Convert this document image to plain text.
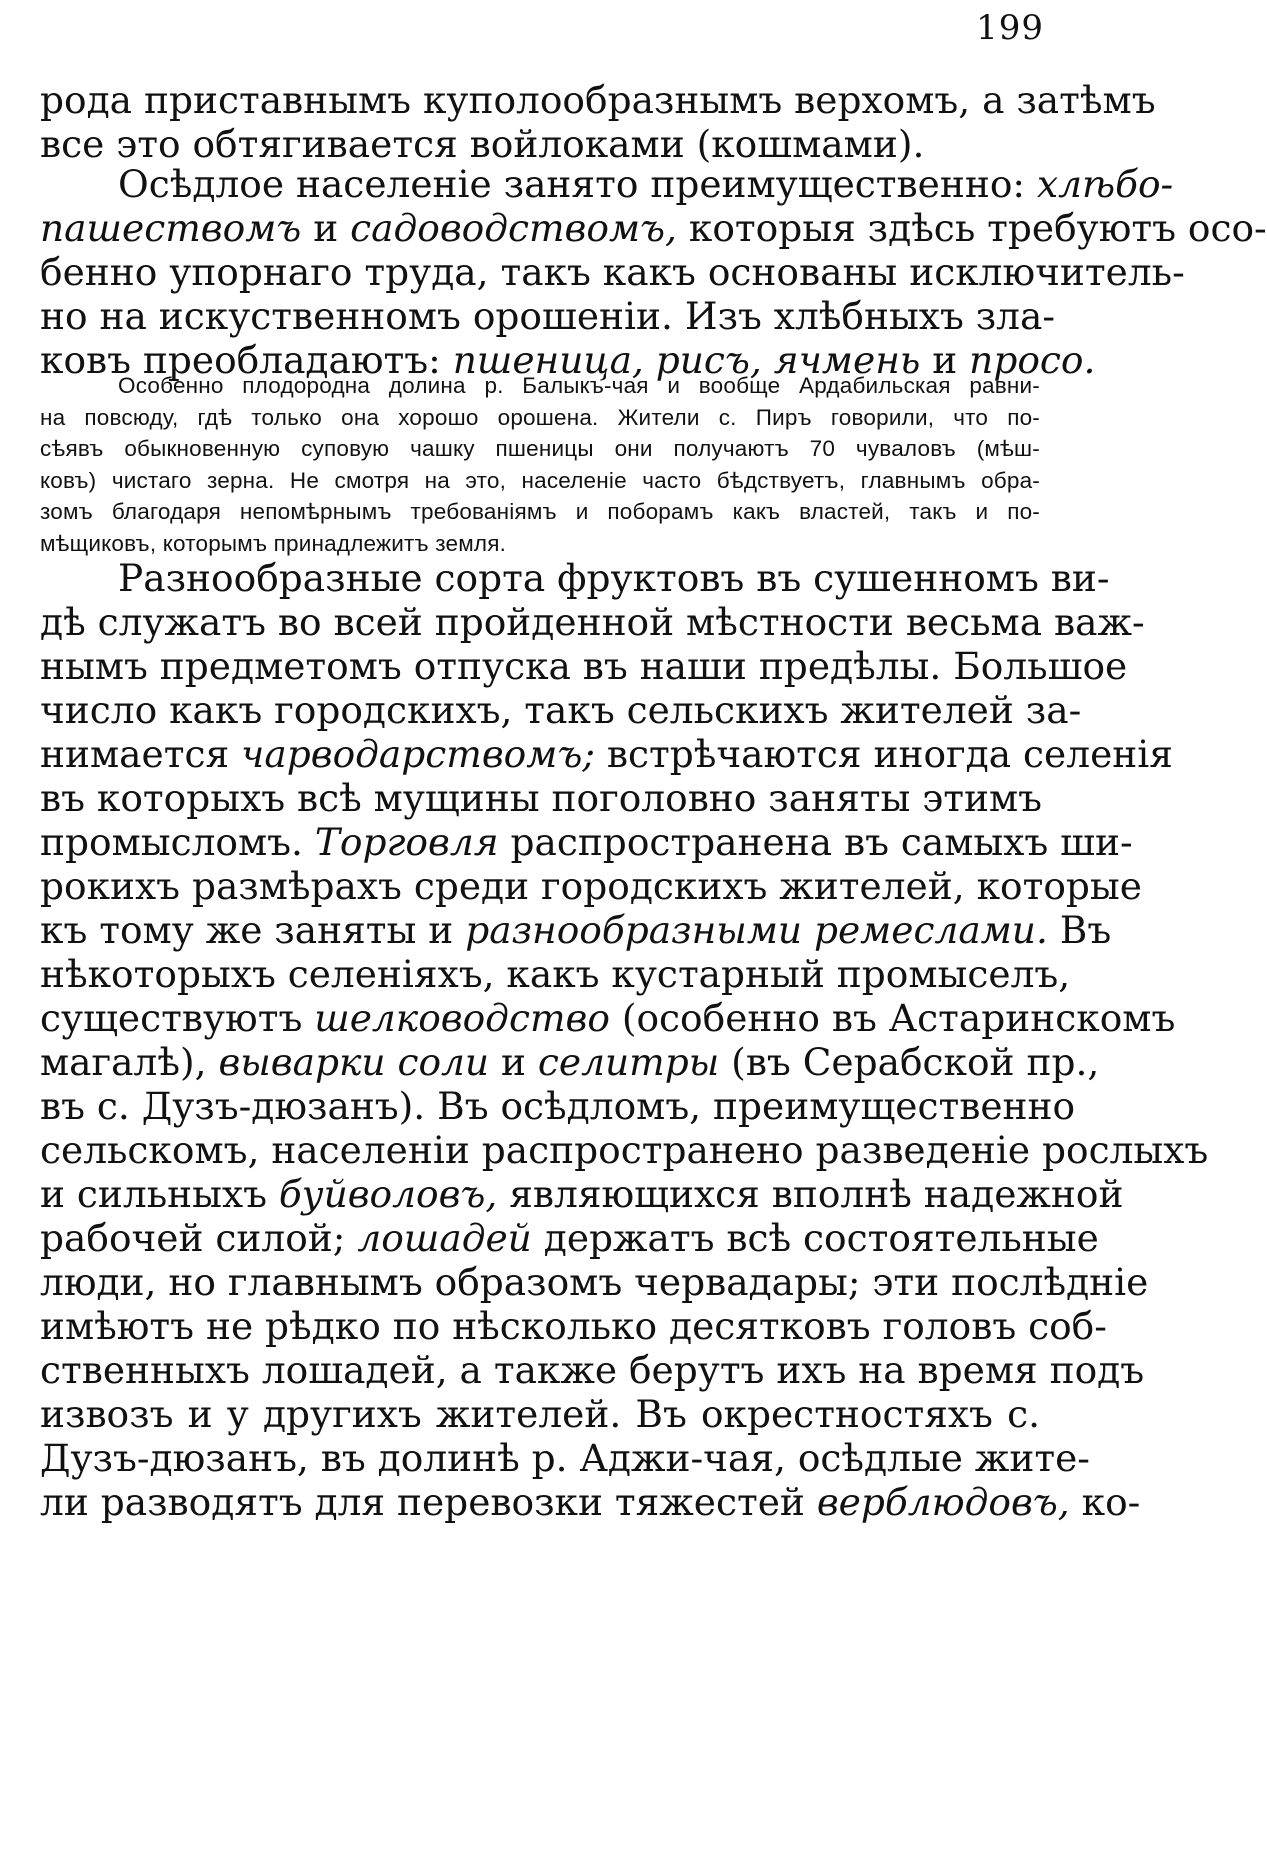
199
рода приставнымъ куполообразнымъ верхомъ, а затѣмъ
все это обтягивается войлоками (кошмами).
Осѣдлое населеніе занято преимущественно: хлѣбо-
пашествомъ и садоводствомъ, которыя здѣсь требуютъ осо-
бенно упорнаго труда, такъ какъ основаны исключитель-
но на искуственномъ орошеніи. Изъ хлѣбныхъ зла-
ковъ преобладаютъ: пшеница, рисъ, ячмень и просо.
Особенно плодородна долина р. Балыкъ-чая и вообще Ардабильская равни-
на повсюду, гдѣ только она хорошо орошена. Жители с. Пиръ говорили, что по-
сѣявъ обыкновенную суповую чашку пшеницы они получаютъ 70 чуваловъ (мѣш-
ковъ) чистаго зерна. Не смотря на это, населеніе часто бѣдствуетъ, главнымъ обра-
зомъ благодаря непомѣрнымъ требованіямъ и поборамъ какъ властей, такъ и по-
мѣщиковъ, которымъ принадлежитъ земля.
Разнообразные сорта фруктовъ въ сушенномъ ви-
дѣ служатъ во всей пройденной мѣстности весьма важ-
нымъ предметомъ отпуска въ наши предѣлы. Большое
число какъ городскихъ, такъ сельскихъ жителей за-
нимается чарводарствомъ; встрѣчаются иногда селенія
въ которыхъ всѣ мущины поголовно заняты этимъ
промысломъ. Торговля распространена въ самыхъ ши-
рокихъ размѣрахъ среди городскихъ жителей, которые
къ тому же заняты и разнообразными ремеслами. Въ
нѣкоторыхъ селеніяхъ, какъ кустарный промыселъ,
существуютъ шелководство (особенно въ Астаринскомъ
магалѣ), выварки соли и селитры (въ Серабской пр.,
въ с. Дузъ-дюзанъ). Въ осѣдломъ, преимущественно
сельскомъ, населеніи распространено разведеніе рослыхъ
и сильныхъ буйволовъ, являющихся вполнѣ надежной
рабочей силой; лошадей держатъ всѣ состоятельные
люди, но главнымъ образомъ червадары; эти послѣдніе
имѣютъ не рѣдко по нѣсколько десятковъ головъ соб-
ственныхъ лошадей, а также берутъ ихъ на время подъ
извозъ и у другихъ жителей. Въ окрестностяхъ с.
Дузъ-дюзанъ, въ долинѣ р. Аджи-чая, осѣдлые жите-
ли разводятъ для перевозки тяжестей верблюдовъ, ко-
